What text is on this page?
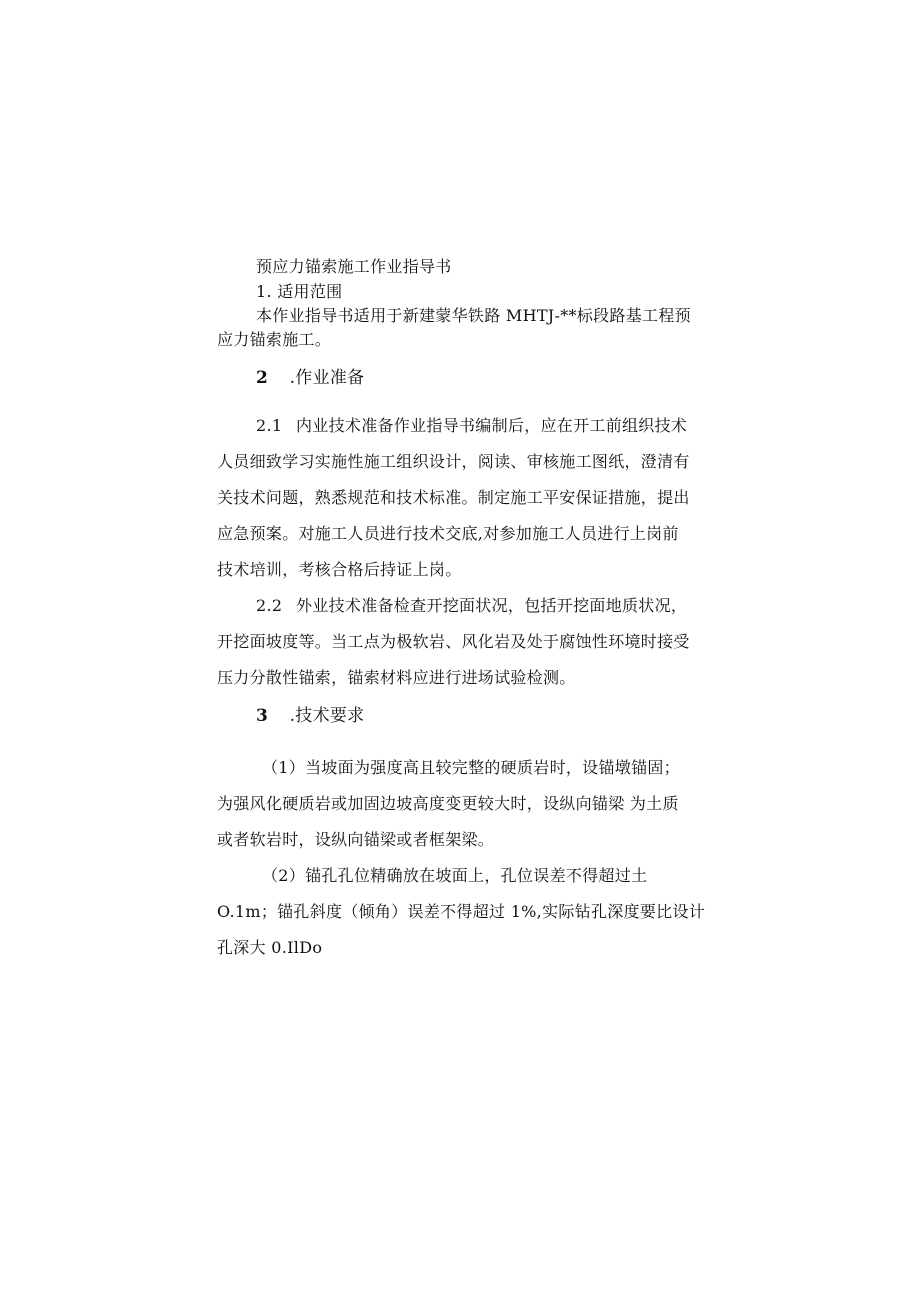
预应力锚索施工作业指导书
1. 适用范围
本作业指导书适用于新建蒙华铁路 MHTJ-**标段路基工程预
应力锚索施工。
2 .作业准备
2.1 内业技术准备作业指导书编制后，应在开工前组织技术
人员细致学习实施性施工组织设计，阅读、审核施工图纸，澄清有
关技术问题，熟悉规范和技术标准。制定施工平安保证措施，提出
应急预案。对施工人员进行技术交底,对参加施工人员进行上岗前
技术培训，考核合格后持证上岗。
2.2 外业技术准备检查开挖面状况，包括开挖面地质状况，
开挖面坡度等。当工点为极软岩、风化岩及处于腐蚀性环境时接受
压力分散性锚索，锚索材料应进行进场试验检测。
3 .技术要求
（1）当坡面为强度高且较完整的硬质岩时，设锚墩锚固；
为强风化硬质岩或加固边坡高度变更较大时，设纵向锚梁 为土质
或者软岩时，设纵向锚梁或者框架梁。
（2）锚孔孔位精确放在坡面上，孔位误差不得超过土
O.1m；锚孔斜度（倾角）误差不得超过 1%,实际钻孔深度要比设计
孔深大 0.IlDo
